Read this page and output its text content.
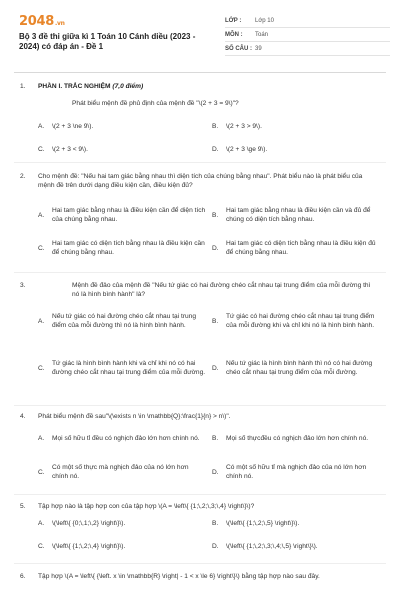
2048.vn
Bộ 3 đề thi giữa kì 1 Toán 10 Cánh diều (2023 - 2024) có đáp án - Đề 1
LỚP :	Lớp 10
MÔN :	Toán
SỐ CÂU : 39
1. PHẦN I. TRẮC NGHIỆM (7,0 điểm)
Phát biểu mệnh đề phủ định của mệnh đề "\(2 + 3 = 9\)"?
A.	\(2 + 3 \ne 9\).	B.	\(2 + 3 > 9\).
C.	\(2 + 3 < 9\).	D.	\(2 + 3 \ge 9\).
2. Cho mệnh đề: "Nếu hai tam giác bằng nhau thì diện tích của chúng bằng nhau". Phát biểu nào là phát biểu của mệnh đề trên dưới dạng điều kiện cần, điều kiện đủ?
A.
Hai tam giác bằng nhau là điều kiện cần để diện tích của chúng bằng nhau.
B.
Hai tam giác bằng nhau là điều kiện cần và đủ để chúng có diện tích bằng nhau.
C.
Hai tam giác có diện tích bằng nhau là điều kiện cần để chúng bằng nhau.
D.
Hai tam giác có diện tích bằng nhau là điều kiện đủ để chúng bằng nhau.
3.	Mệnh đề đảo của mệnh đề "Nếu tứ giác có hai đường chéo cắt nhau tại trung điểm của mỗi đường thì nó là hình bình hành" là?
A.
Nếu tứ giác có hai đường chéo cắt nhau tại trung điểm của mỗi đường thì nó là hình bình hành.
B.
Tứ giác có hai đường chéo cắt nhau tại trung điểm của mỗi đường khi và chỉ khi nó là hình bình hành.
C.
Tứ giác là hình bình hành khi và chỉ khi nó có hai đường chéo cắt nhau tại trung điểm của mỗi đường.
D.
Nếu tứ giác là hình bình hành thì nó có hai đường chéo cắt nhau tại trung điểm của mỗi đường.
4. Phát biểu mệnh đề sau"\(\exists n \in \mathbb{Q}:\frac{1}{n} > n\)".
A.	Mọi số hữu tỉ đều có nghịch đảo lớn hơn chính nó.	B.	Mọi số thựcđều có nghịch đảo lớn hơn chính nó.
C.
Có một số thực mà nghịch đảo của nó lớn hơn chính nó.
D.
Có một số hữu tỉ mà nghịch đảo của nó lớn hơn chính nó.
5. Tập hợp nào là tập hợp con của tập hợp \(A = \left\{ {1;\,2;\,3;\,4} \right\}\)?
A.	\(\left\{ {0;\,1;\,2} \right\}\).	B.	\(\left\{ {1;\,2;\,5} \right\}\).
C.	\(\left\{ {1;\,2;\,4} \right\}\).	D.	\(\left\{ {1;\,2;\,3;\,4;\,5} \right\}\).
6. Tập hợp \(A = \left\{ {\left. x \in \mathbb{R} \right| - 1 < x \le 6} \right\}\) bằng tập hợp nào sau đây.
